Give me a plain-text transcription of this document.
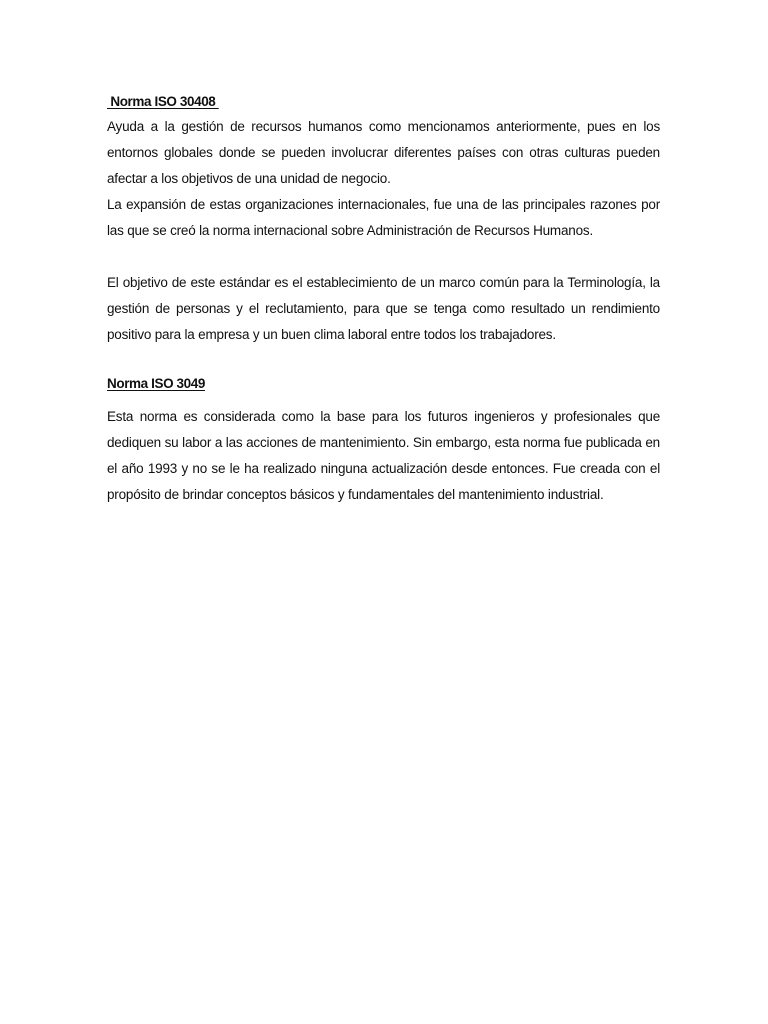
Norma ISO 30408

Ayuda a la gestión de recursos humanos como mencionamos anteriormente, pues en los entornos globales donde se pueden involucrar diferentes países con otras culturas pueden afectar a los objetivos de una unidad de negocio.

La expansión de estas organizaciones internacionales, fue una de las principales razones por las que se creó la norma internacional sobre Administración de Recursos Humanos.

El objetivo de este estándar es el establecimiento de un marco común para la Terminología, la gestión de personas y el reclutamiento, para que se tenga como resultado un rendimiento positivo para la empresa y un buen clima laboral entre todos los trabajadores.

Norma ISO 3049

Esta norma es considerada como la base para los futuros ingenieros y profesionales que dediquen su labor a las acciones de mantenimiento. Sin embargo, esta norma fue publicada en el año 1993 y no se le ha realizado ninguna actualización desde entonces. Fue creada con el propósito de brindar conceptos básicos y fundamentales del mantenimiento industrial.
